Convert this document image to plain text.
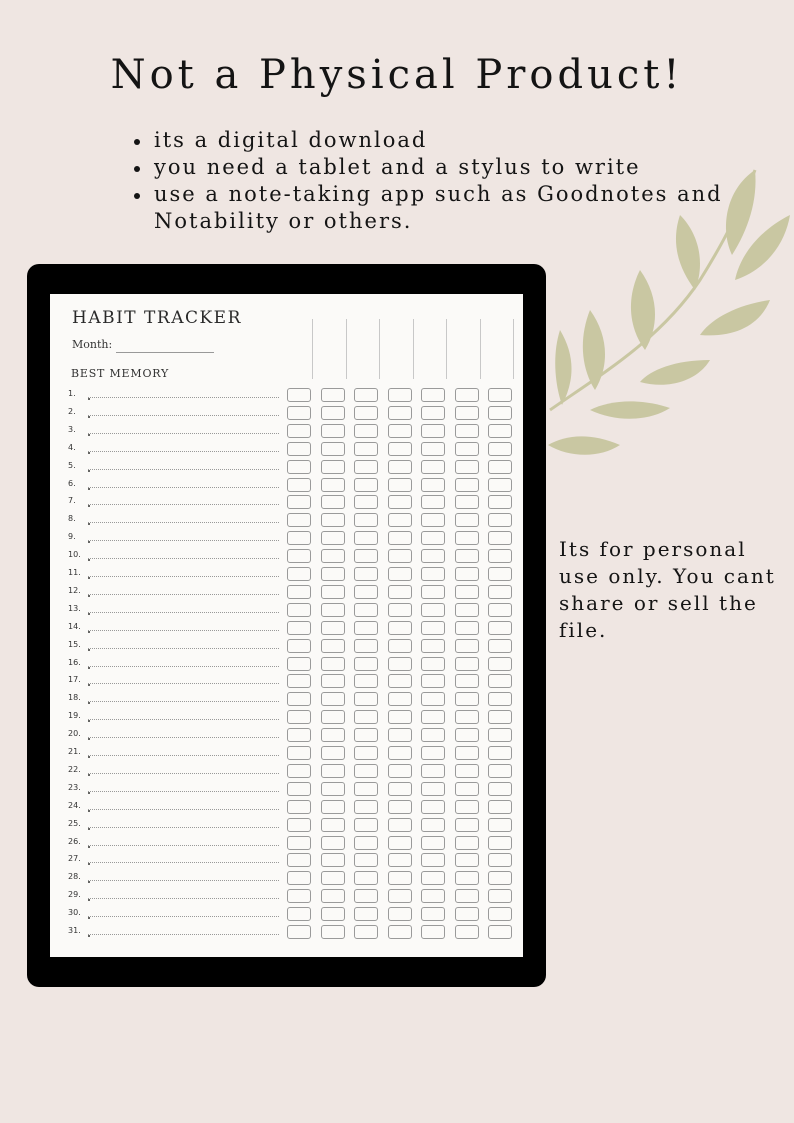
Not a Physical Product!
its a digital download
you need a tablet and a stylus to write
use a note-taking app such as Goodnotes and Notability or others.
Its for personal use only. You cant share or sell the file.
HABIT TRACKER
Month:
BEST MEMORY
1.
2.
3.
4.
5.
6.
7.
8.
9.
10.
11.
12.
13.
14.
15.
16.
17.
18.
19.
20.
21.
22.
23.
24.
25.
26.
27.
28.
29.
30.
31.
